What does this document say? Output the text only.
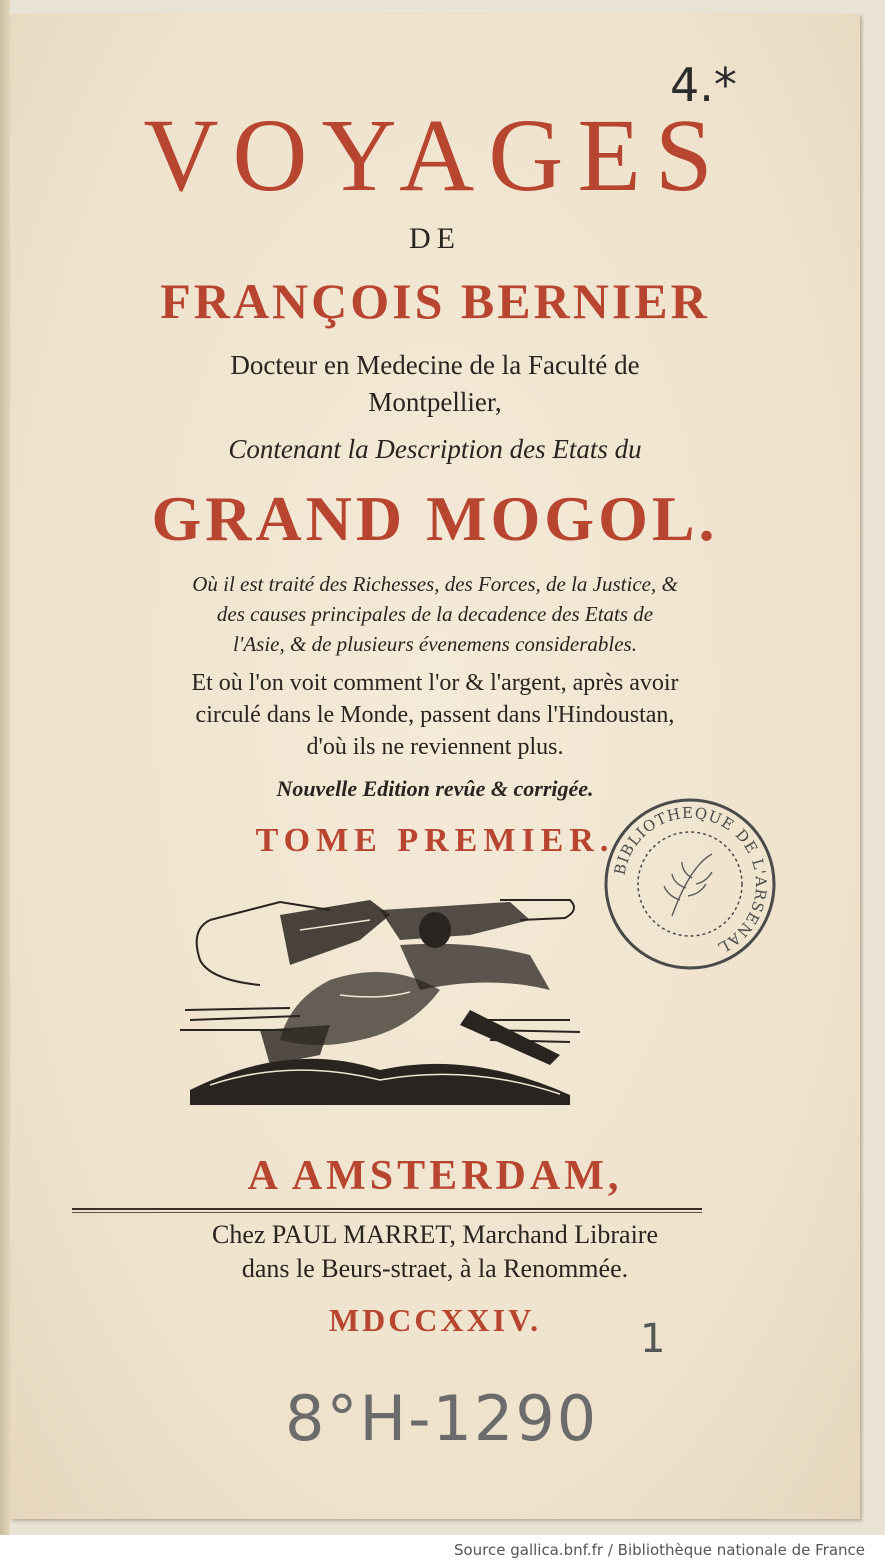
4.*
VOYAGES
DE
FRANÇOIS BERNIER
Docteur en Medecine de la Faculté de
Montpellier,
Contenant la Description des Etats du
GRAND MOGOL.
Où il est traité des Richesses, des Forces, de la Justice, &
des causes principales de la decadence des Etats de
l'Asie, & de plusieurs évenemens considerables.
Et où l'on voit comment l'or & l'argent, après avoir
circulé dans le Monde, passent dans l'Hindoustan,
d'où ils ne reviennent plus.
Nouvelle Edition revûe & corrigée.
TOME PREMIER.
BIBLIOTHEQUE DE L'ARSENAL
A AMSTERDAM,
Chez PAUL MARRET, Marchand Libraire
dans le Beurs-straet, à la Renommée.
MDCCXXIV.	1
8°H-1290
Source gallica.bnf.fr / Bibliothèque nationale de France
